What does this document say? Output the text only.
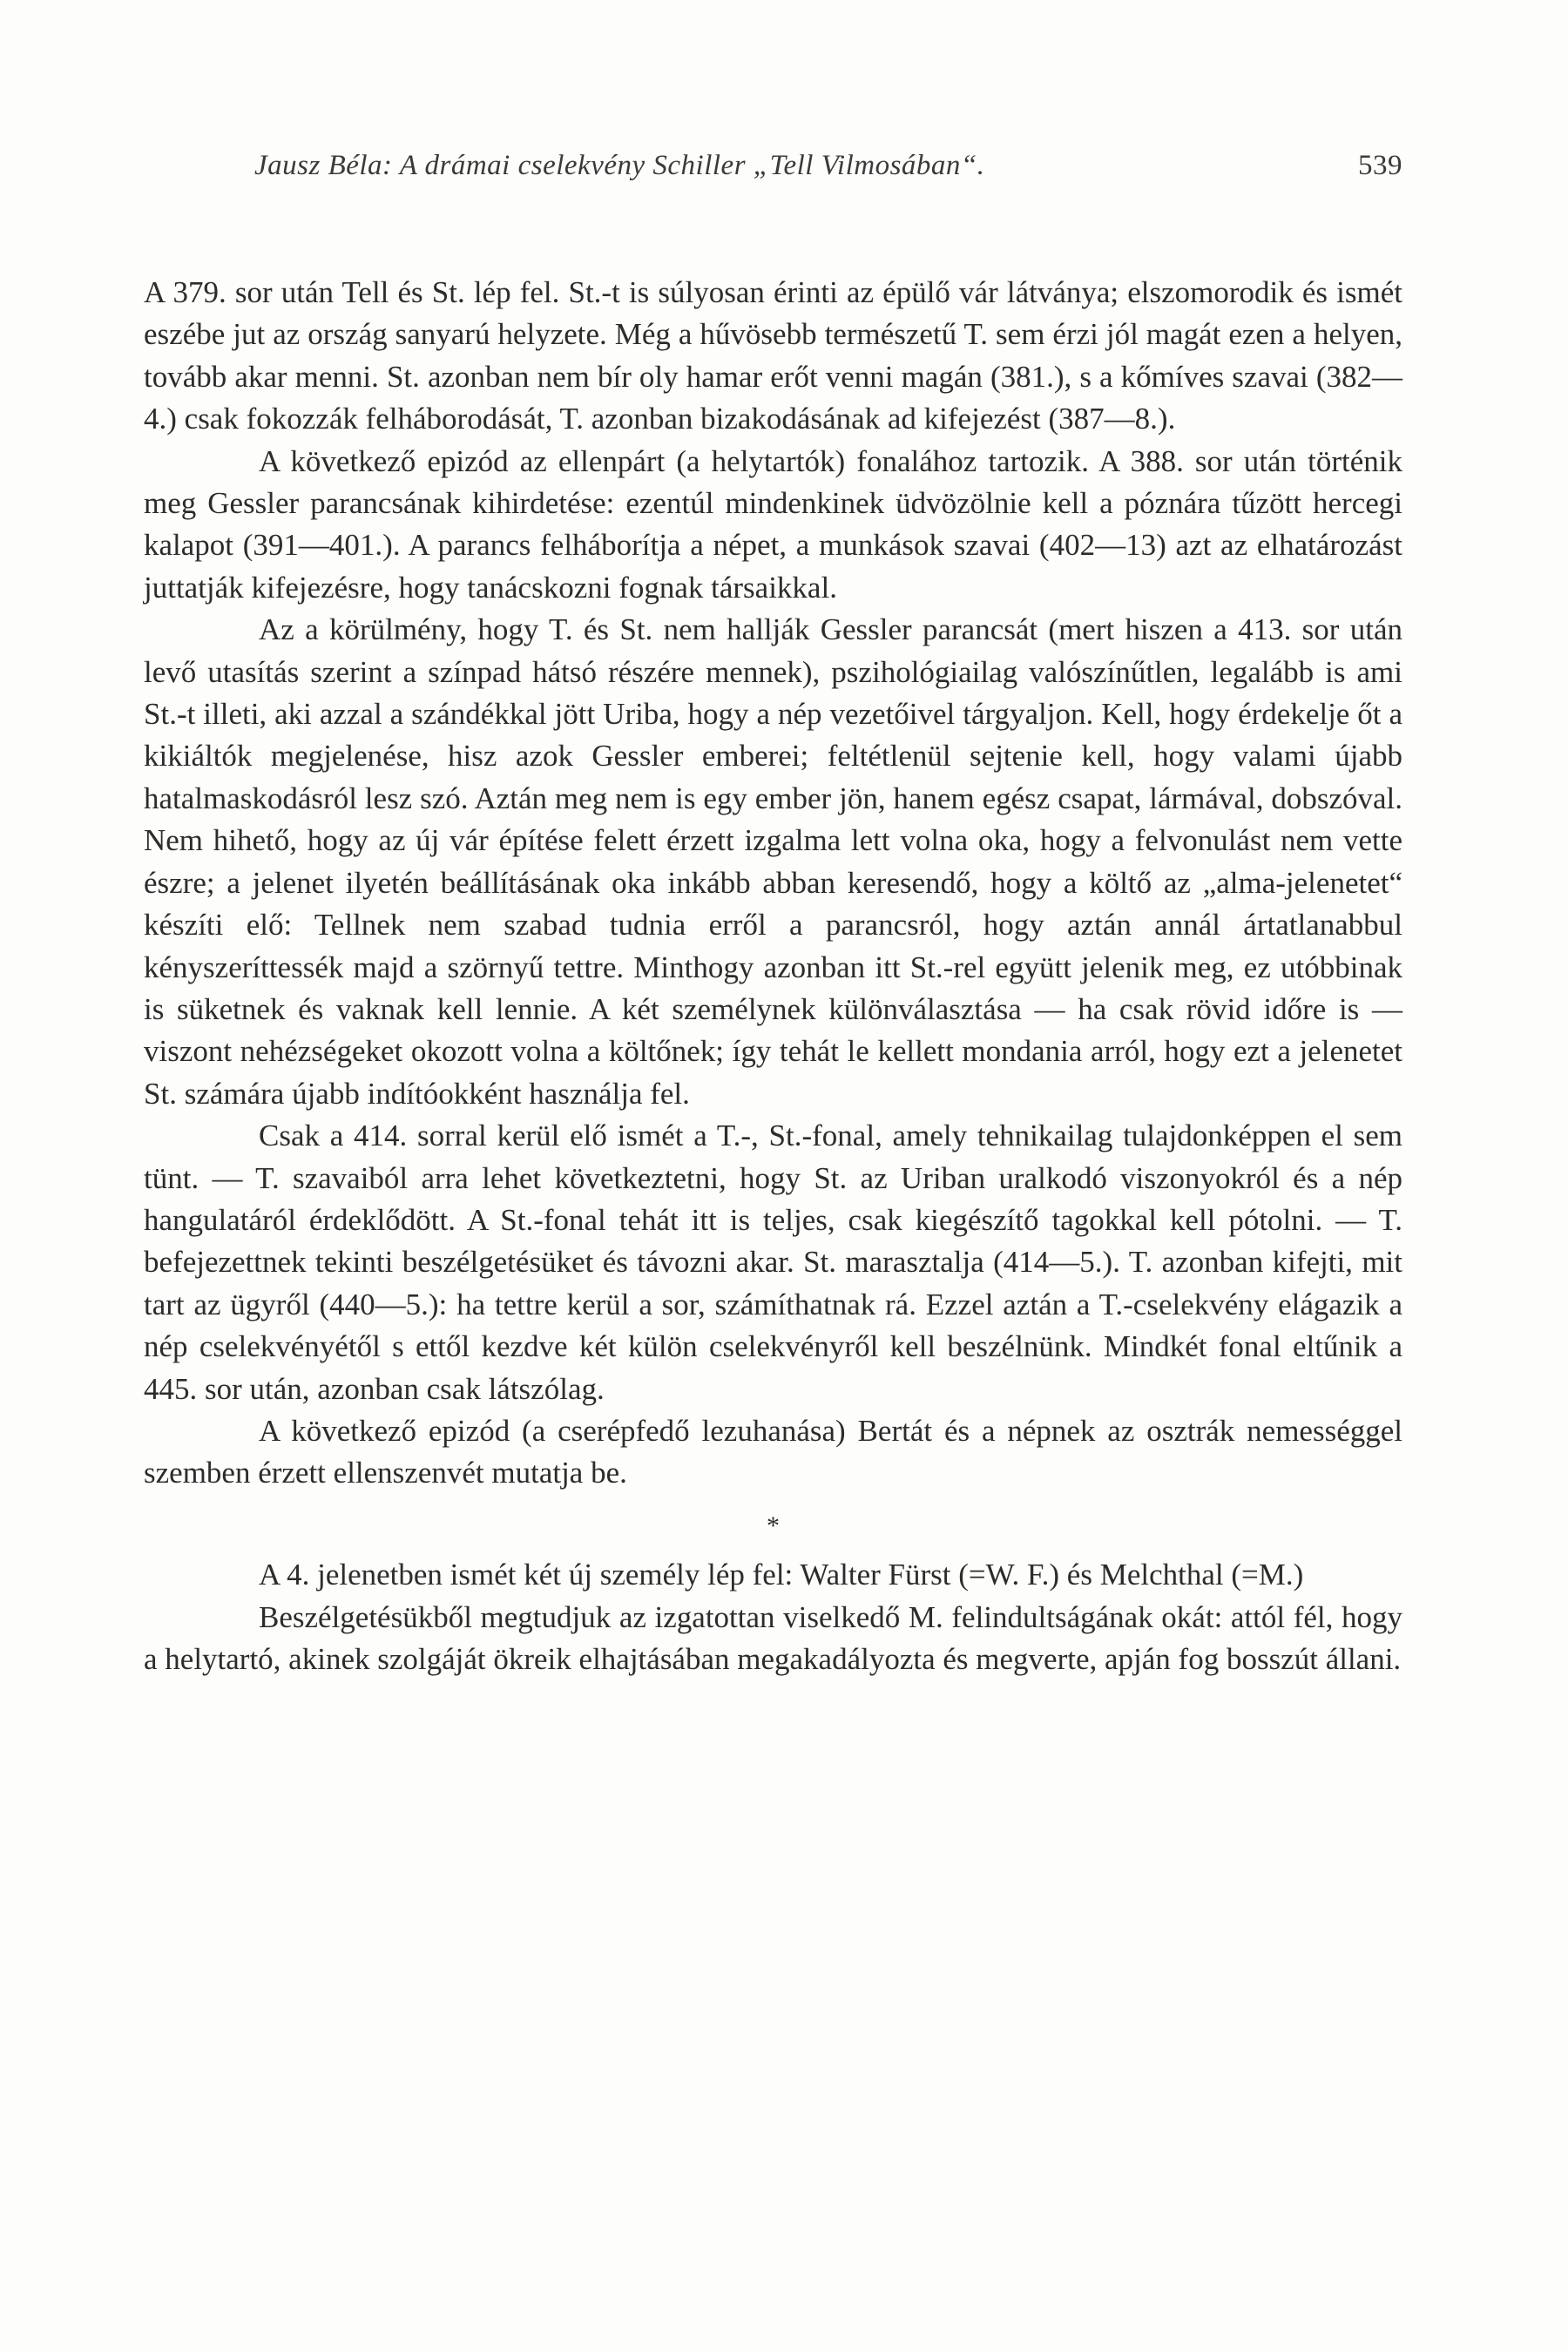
Jausz Béla: A drámai cselekvény Schiller „Tell Vilmosában“.	539

A 379. sor után Tell és St. lép fel. St.-t is súlyosan érinti az épülő vár látványa; elszomorodik és ismét eszébe jut az ország sanyarú helyzete. Még a hűvösebb természetű T. sem érzi jól magát ezen a helyen, tovább akar menni. St. azonban nem bír oly hamar erőt venni magán (381.), s a kőmíves szavai (382—4.) csak fokozzák felháborodását, T. azonban bizakodásának ad kifejezést (387—8.).

A következő epizód az ellenpárt (a helytartók) fonalához tartozik. A 388. sor után történik meg Gessler parancsának kihirdetése: ezentúl mindenkinek üdvözölnie kell a póznára tűzött hercegi kalapot (391—401.). A parancs felháborítja a népet, a munkások szavai (402—13) azt az elhatározást juttatják kifejezésre, hogy tanácskozni fognak társaikkal.

Az a körülmény, hogy T. és St. nem hallják Gessler parancsát (mert hiszen a 413. sor után levő utasítás szerint a színpad hátsó részére mennek), pszihológiailag valószínűtlen, legalább is ami St.-t illeti, aki azzal a szándékkal jött Uriba, hogy a nép vezetőivel tárgyaljon. Kell, hogy érdekelje őt a kikiáltók megjelenése, hisz azok Gessler emberei; feltétlenül sejtenie kell, hogy valami újabb hatalmaskodásról lesz szó. Aztán meg nem is egy ember jön, hanem egész csapat, lármával, dobszóval. Nem hihető, hogy az új vár építése felett érzett izgalma lett volna oka, hogy a felvonulást nem vette észre; a jelenet ilyetén beállításának oka inkább abban keresendő, hogy a költő az „alma-jelenetet“ készíti elő: Tellnek nem szabad tudnia erről a parancsról, hogy aztán annál ártatlanabbul kényszeríttessék majd a szörnyű tettre. Minthogy azonban itt St.-rel együtt jelenik meg, ez utóbbinak is süketnek és vaknak kell lennie. A két személynek különválasztása — ha csak rövid időre is — viszont nehézségeket okozott volna a költőnek; így tehát le kellett mondania arról, hogy ezt a jelenetet St. számára újabb indítóokként használja fel.

Csak a 414. sorral kerül elő ismét a T.-, St.-fonal, amely tehnikailag tulajdonképpen el sem tünt. — T. szavaiból arra lehet következtetni, hogy St. az Uriban uralkodó viszonyokról és a nép hangulatáról érdeklődött. A St.-fonal tehát itt is teljes, csak kiegészítő tagokkal kell pótolni. — T. befejezettnek tekinti beszélgetésüket és távozni akar. St. marasztalja (414—5.). T. azonban kifejti, mit tart az ügyről (440—5.): ha tettre kerül a sor, számíthatnak rá. Ezzel aztán a T.-cselekvény elágazik a nép cselekvényétől s ettől kezdve két külön cselekvényről kell beszélnünk. Mindkét fonal eltűnik a 445. sor után, azonban csak látszólag.

A következő epizód (a cserépfedő lezuhanása) Bertát és a népnek az osztrák nemességgel szemben érzett ellenszenvét mutatja be.

*

A 4. jelenetben ismét két új személy lép fel: Walter Fürst (=W. F.) és Melchthal (=M.)

Beszélgetésükből megtudjuk az izgatottan viselkedő M. felindultságának okát: attól fél, hogy a helytartó, akinek szolgáját ökreik elhajtásában megakadályozta és megverte, apján fog bosszút állani.
